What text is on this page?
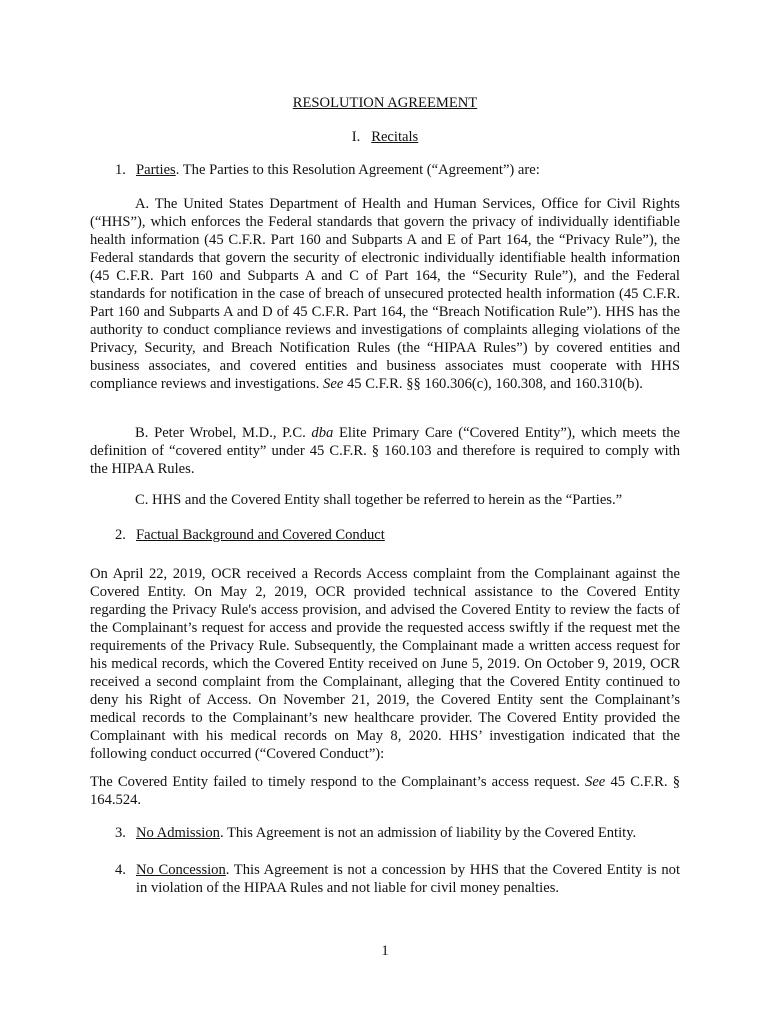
RESOLUTION AGREEMENT
I. Recitals
1. Parties. The Parties to this Resolution Agreement (“Agreement”) are:
A. The United States Department of Health and Human Services, Office for Civil Rights (“HHS”), which enforces the Federal standards that govern the privacy of individually identifiable health information (45 C.F.R. Part 160 and Subparts A and E of Part 164, the “Privacy Rule”), the Federal standards that govern the security of electronic individually identifiable health information (45 C.F.R. Part 160 and Subparts A and C of Part 164, the “Security Rule”), and the Federal standards for notification in the case of breach of unsecured protected health information (45 C.F.R. Part 160 and Subparts A and D of 45 C.F.R. Part 164, the “Breach Notification Rule”). HHS has the authority to conduct compliance reviews and investigations of complaints alleging violations of the Privacy, Security, and Breach Notification Rules (the “HIPAA Rules”) by covered entities and business associates, and covered entities and business associates must cooperate with HHS compliance reviews and investigations. See 45 C.F.R. §§ 160.306(c), 160.308, and 160.310(b).
B. Peter Wrobel, M.D., P.C. dba Elite Primary Care (“Covered Entity”), which meets the definition of “covered entity” under 45 C.F.R. § 160.103 and therefore is required to comply with the HIPAA Rules.
C. HHS and the Covered Entity shall together be referred to herein as the “Parties.”
2. Factual Background and Covered Conduct
On April 22, 2019, OCR received a Records Access complaint from the Complainant against the Covered Entity. On May 2, 2019, OCR provided technical assistance to the Covered Entity regarding the Privacy Rule's access provision, and advised the Covered Entity to review the facts of the Complainant’s request for access and provide the requested access swiftly if the request met the requirements of the Privacy Rule. Subsequently, the Complainant made a written access request for his medical records, which the Covered Entity received on June 5, 2019. On October 9, 2019, OCR received a second complaint from the Complainant, alleging that the Covered Entity continued to deny his Right of Access. On November 21, 2019, the Covered Entity sent the Complainant’s medical records to the Complainant’s new healthcare provider. The Covered Entity provided the Complainant with his medical records on May 8, 2020. HHS’ investigation indicated that the following conduct occurred (“Covered Conduct”):
The Covered Entity failed to timely respond to the Complainant’s access request. See 45 C.F.R. § 164.524.
3. No Admission. This Agreement is not an admission of liability by the Covered Entity.
4. No Concession. This Agreement is not a concession by HHS that the Covered Entity is not in violation of the HIPAA Rules and not liable for civil money penalties.
1
